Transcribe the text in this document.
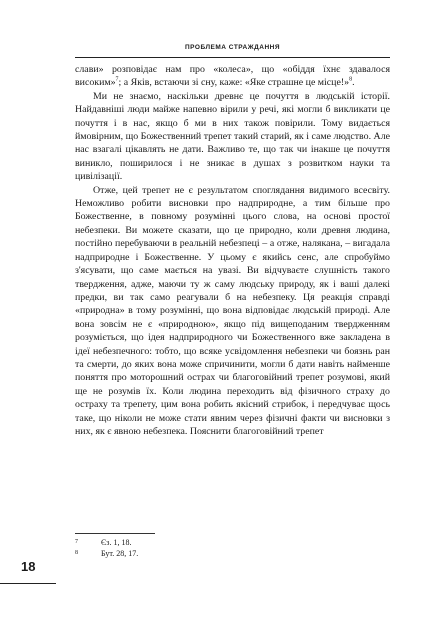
ПРОБЛЕМА СТРАЖДАННЯ

слави» розповідає нам про «колеса», що «обіддя їхнє здавалося високим»$^7$; а Яків, встаючи зі сну, каже: «Яке страшне це місце!»$^8$.

Ми не знаємо, наскільки древнє це почуття в людській історії. Найдавніші люди майже напевно вірили у речі, які могли б викликати це почуття і в нас, якщо б ми в них також повірили. Тому видається ймовірним, що Божественний трепет такий старий, як і саме людство. Але нас взагалі цікавлять не дати. Важливо те, що так чи інакше це почуття виникло, поширилося і не зникає в душах з розвитком науки та цивілізації.

Отже, цей трепет не є результатом споглядання видимого всесвіту. Неможливо робити висновки про надприродне, а тим більше про Божественне, в повному розумінні цього слова, на основі простої небезпеки. Ви можете сказати, що це природно, коли древня людина, постійно перебуваючи в реальній небезпеці – а отже, налякана, – вигадала надприродне і Божественне. У цьому є якийсь сенс, але спробуймо з'ясувати, що саме мається на увазі. Ви відчуваєте слушність такого твердження, адже, маючи ту ж саму людську природу, як і ваші далекі предки, ви так само реагували б на небезпеку. Ця реакція справді «природна» в тому розумінні, що вона відповідає людській природі. Але вона зовсім не є «природною», якщо під вищеподаним твердженням розуміється, що ідея надприродного чи Божественного вже закладена в ідеї небезпечного: тобто, що всяке усвідомлення небезпеки чи боязнь ран та смерти, до яких вона може спричинити, могли б дати навіть найменше поняття про моторошний острах чи благоговійний трепет розумові, який ще не розумів їх. Коли людина переходить від фізичного страху до остраху та трепету, цим вона робить якісний стрибок, і передчуває щось таке, що ніколи не може стати явним через фізичні факти чи висновки з них, як є явною небезпека. Пояснити благоговійний трепет

7	Єз. 1, 18.
8	Бут. 28, 17.
18
